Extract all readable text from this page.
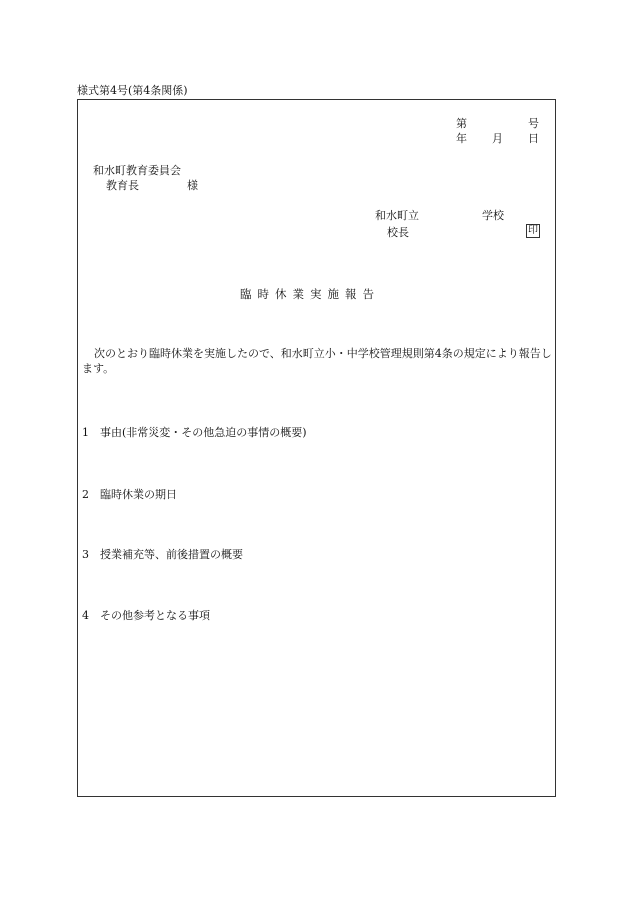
様式第4号(第4条関係)
第	号
年 月 日
和水町教育委員会
教育長	様
和水町立	学校
校長	印
臨時休業実施報告
次のとおり臨時休業を実施したので、和水町立小・中学校管理規則第4条の規定により報告します。
1 事由(非常災変・その他急迫の事情の概要)
2 臨時休業の期日
3 授業補充等、前後措置の概要
4 その他参考となる事項
